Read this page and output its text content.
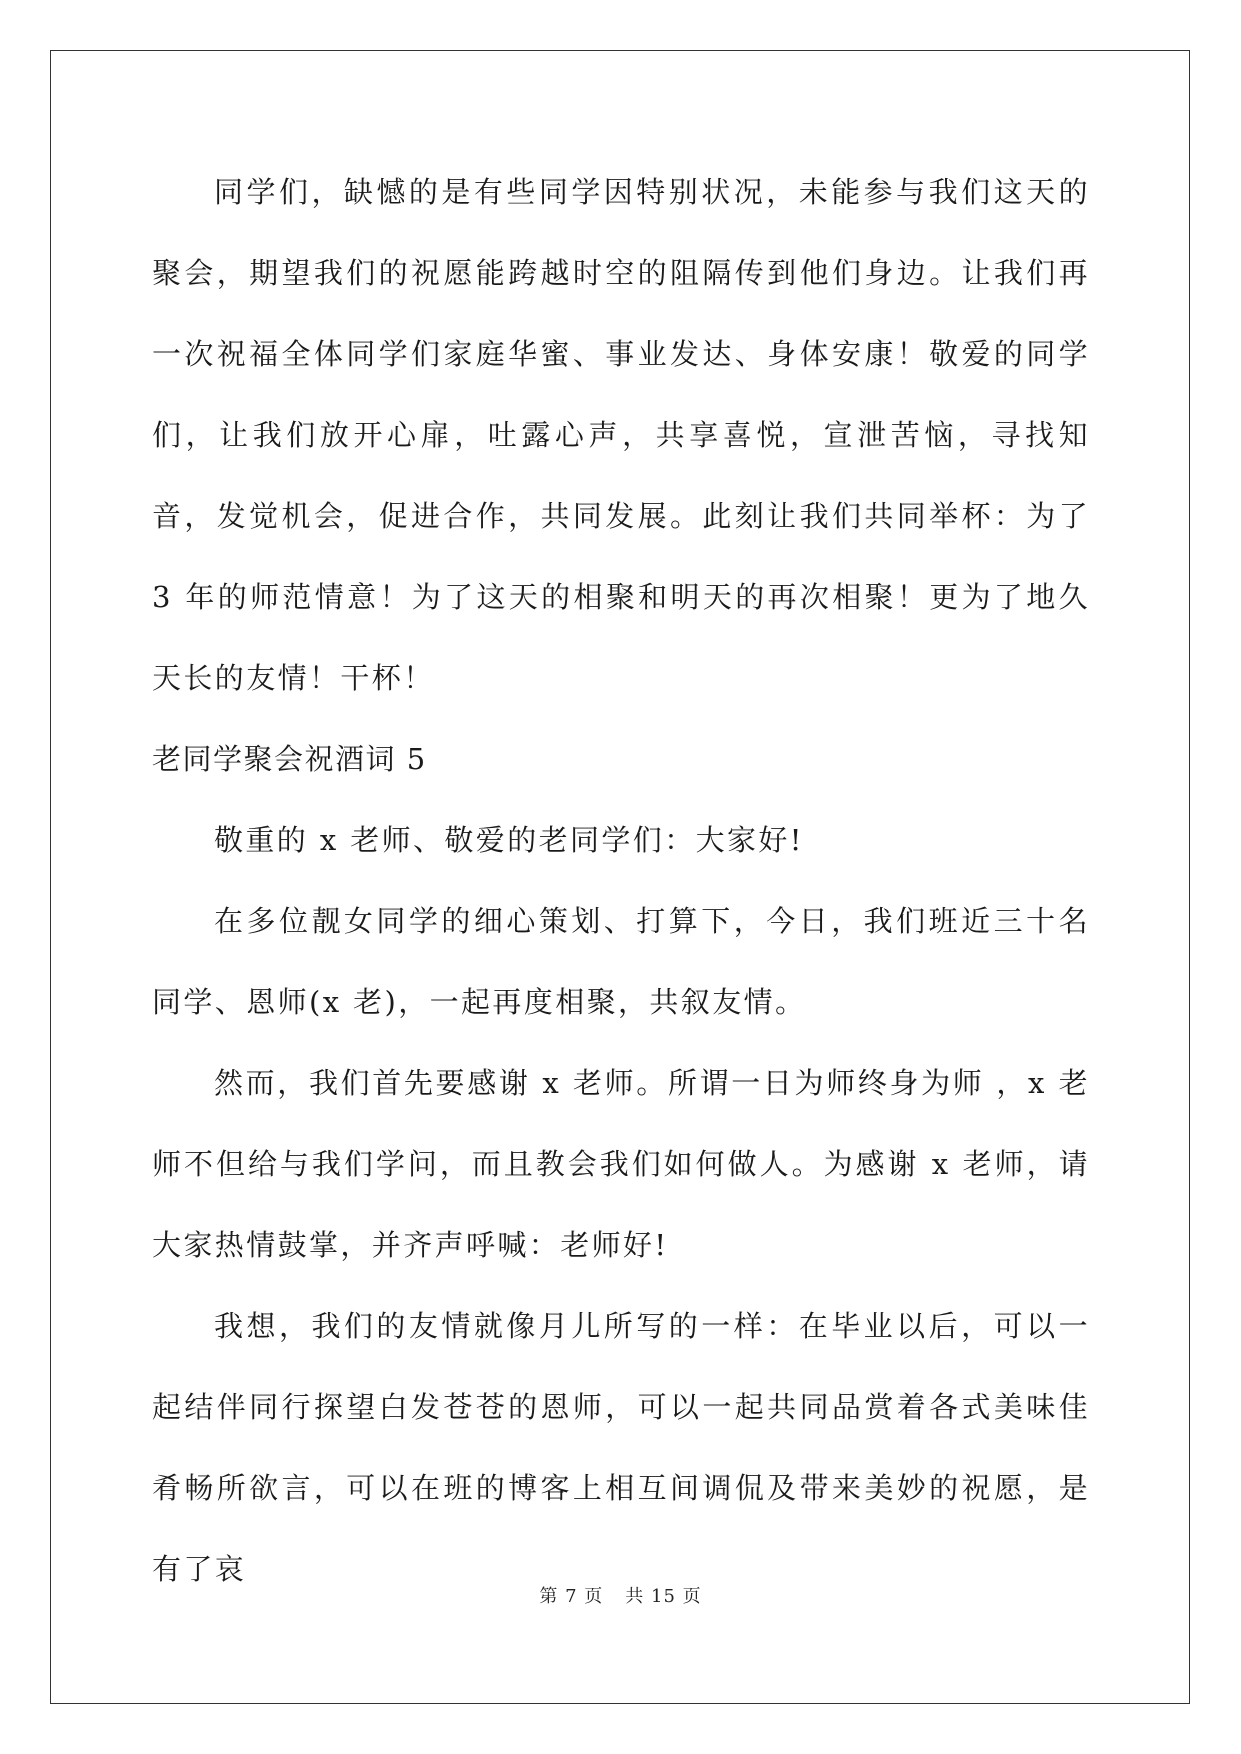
同学们，缺憾的是有些同学因特别状况，未能参与我们这天的聚会，期望我们的祝愿能跨越时空的阻隔传到他们身边。让我们再一次祝福全体同学们家庭华蜜、事业发达、身体安康！敬爱的同学们，让我们放开心扉，吐露心声，共享喜悦，宣泄苦恼，寻找知音，发觉机会，促进合作，共同发展。此刻让我们共同举杯：为了 3 年的师范情意！为了这天的相聚和明天的再次相聚！更为了地久天长的友情！干杯！

老同学聚会祝酒词 5

敬重的 x 老师、敬爱的老同学们：大家好!

在多位靓女同学的细心策划、打算下，今日，我们班近三十名同学、恩师(x 老)，一起再度相聚，共叙友情。

然而，我们首先要感谢 x 老师。所谓一日为师终身为师 ，x 老师不但给与我们学问，而且教会我们如何做人。为感谢 x 老师，请大家热情鼓掌，并齐声呼喊：老师好!

我想，我们的友情就像月儿所写的一样：在毕业以后，可以一起结伴同行探望白发苍苍的恩师，可以一起共同品赏着各式美味佳肴畅所欲言，可以在班的博客上相互间调侃及带来美妙的祝愿，是有了哀

第 7 页 共 15 页
